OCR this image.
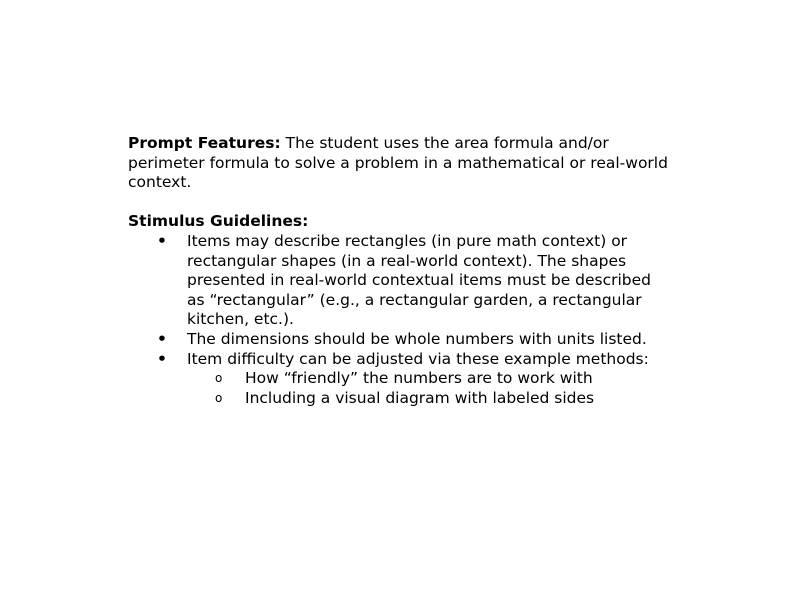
Prompt Features: The student uses the area formula and/or perimeter formula to solve a problem in a mathematical or real-world context.

Stimulus Guidelines:

• Items may describe rectangles (in pure math context) or rectangular shapes (in a real-world context). The shapes presented in real-world contextual items must be described as “rectangular” (e.g., a rectangular garden, a rectangular kitchen, etc.).
• The dimensions should be whole numbers with units listed.
• Item difficulty can be adjusted via these example methods:
o How “friendly” the numbers are to work with
o Including a visual diagram with labeled sides
